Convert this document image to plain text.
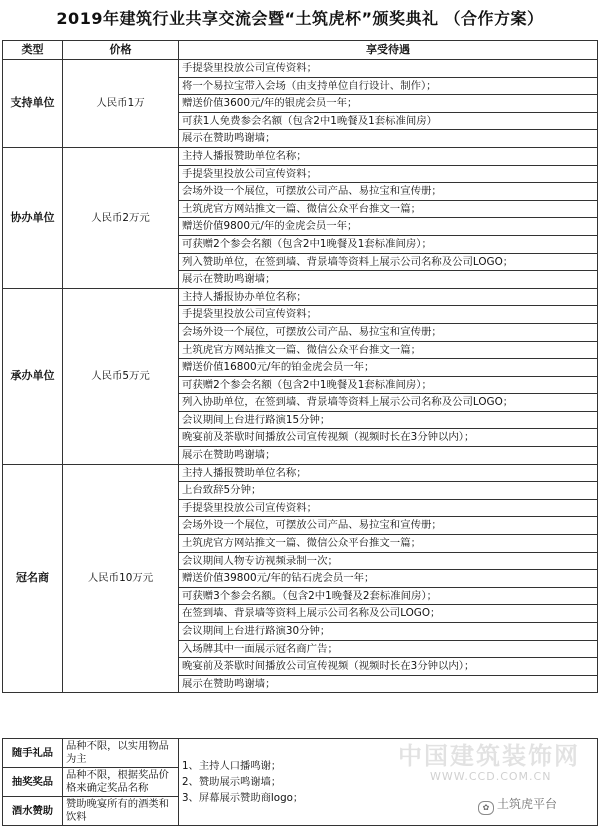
2019年建筑行业共享交流会暨“土筑虎杯”颁奖典礼 （合作方案）
类型	价格	享受待遇
支持单位	人民币1万	手提袋里投放公司宣传资料；
		将一个易拉宝带入会场（由支持单位自行设计、制作）；
		赠送价值3600元/年的银虎会员一年；
		可获1人免费参会名额（包含2中1晚餐及1套标准间房）
		展示在赞助鸣谢墙；
协办单位	人民币2万元	主持人播报赞助单位名称；
		手提袋里投放公司宣传资料；
		会场外设一个展位，可摆放公司产品、易拉宝和宣传册；
		土筑虎官方网站推文一篇、微信公众平台推文一篇；
		赠送价值9800元/年的金虎会员一年；
		可获赠2个参会名额（包含2中1晚餐及1套标准间房）；
		列入赞助单位，在签到墙、背景墙等资料上展示公司名称及公司LOGO；
		展示在赞助鸣谢墙；
承办单位	人民币5万元	主持人播报协办单位名称；
		手提袋里投放公司宣传资料；
		会场外设一个展位，可摆放公司产品、易拉宝和宣传册；
		土筑虎官方网站推文一篇、微信公众平台推文一篇；
		赠送价值16800元/年的铂金虎会员一年；
		可获赠2个参会名额（包含2中1晚餐及1套标准间房）；
		列入协助单位，在签到墙、背景墙等资料上展示公司名称及公司LOGO；
		会议期间上台进行路演15分钟；
		晚宴前及茶歇时间播放公司宣传视频（视频时长在3分钟以内）；
		展示在赞助鸣谢墙；
冠名商	人民币10万元	主持人播报赞助单位名称；
		上台致辞5分钟；
		手提袋里投放公司宣传资料；
		会场外设一个展位，可摆放公司产品、易拉宝和宣传册；
		土筑虎官方网站推文一篇、微信公众平台推文一篇；
		会议期间人物专访视频录制一次；
		赠送价值39800元/年的钻石虎会员一年；
		可获赠3个参会名额。（包含2中1晚餐及2套标准间房）；
		在签到墙、背景墙等资料上展示公司名称及公司LOGO；
		会议期间上台进行路演30分钟；
		入场牌其中一面展示冠名商广告；
		晚宴前及茶歇时间播放公司宣传视频（视频时长在3分钟以内）；
		展示在赞助鸣谢墙；
随手礼品	品种不限，以实用物品为主	1、主持人口播鸣谢；
2、赞助展示鸣谢墙；
3、屏幕展示赞助商logo；

抽奖奖品	品种不限，根据奖品价格来确定奖品名称	
酒水赞助	赞助晚宴所有的酒类和饮料	
中国建筑装饰网
WWW.CCD.COM.CN
✿ 土筑虎平台
